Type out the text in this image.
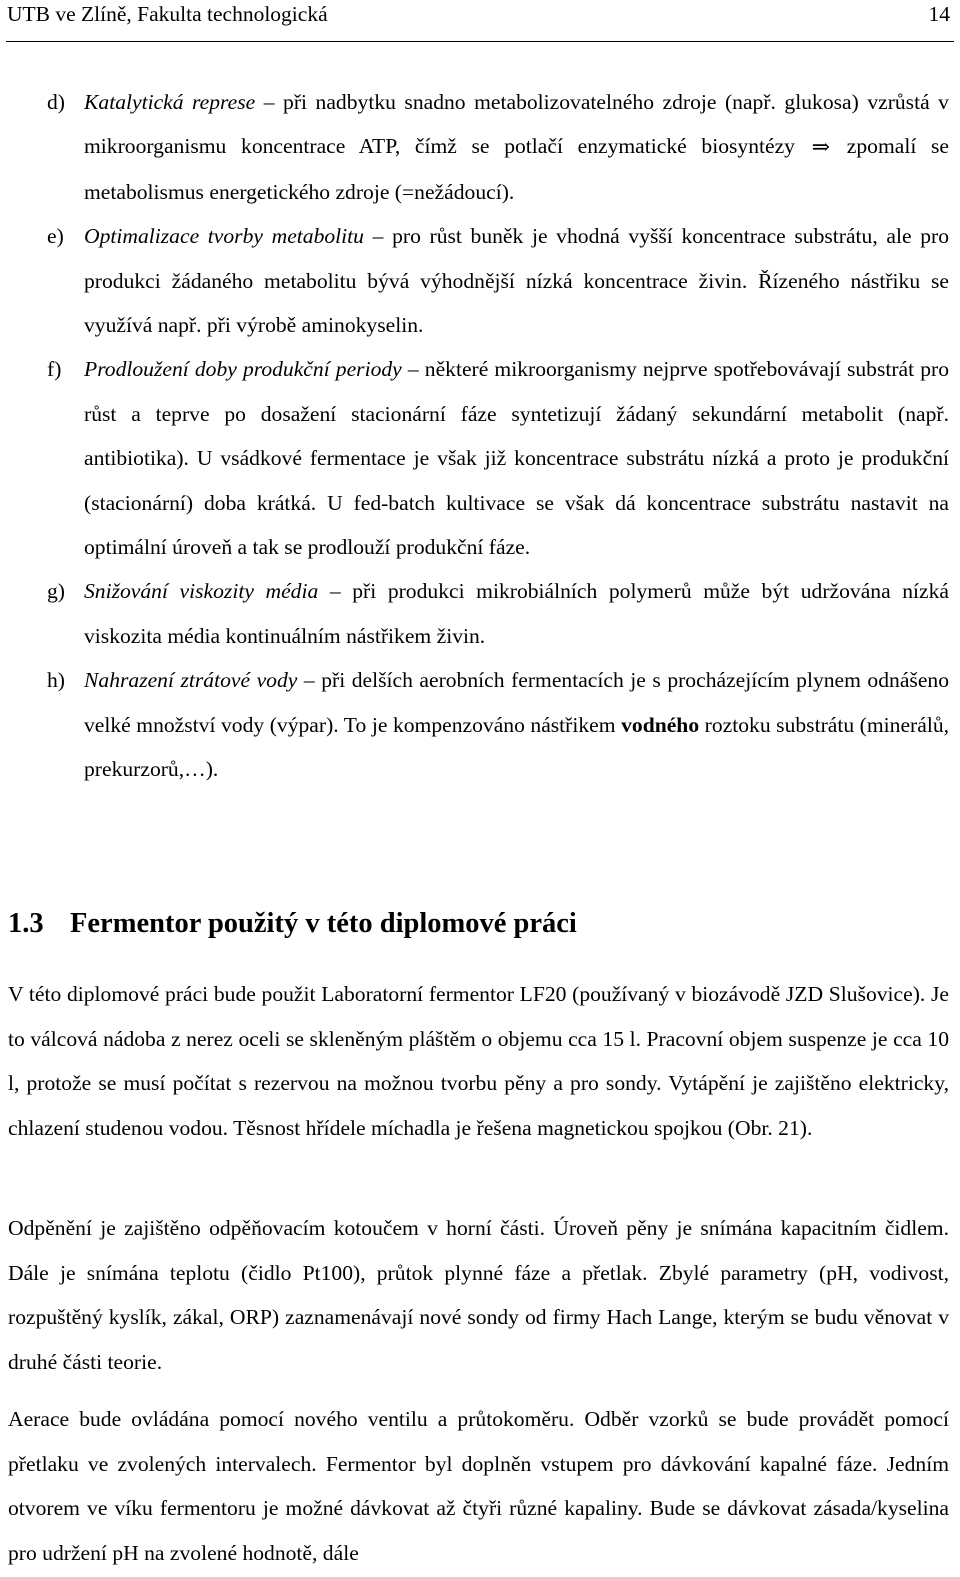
UTB ve Zlíně, Fakulta technologická	14
d) Katalytická represe – při nadbytku snadno metabolizovatelného zdroje (např. glukosa) vzrůstá v mikroorganismu koncentrace ATP, čímž se potlačí enzymatické biosyntézy ⇒ zpomalí se metabolismus energetického zdroje (=nežádoucí).
e) Optimalizace tvorby metabolitu – pro růst buněk je vhodná vyšší koncentrace substrátu, ale pro produkci žádaného metabolitu bývá výhodnější nízká koncentrace živin. Řízeného nástřiku se využívá např. při výrobě aminokyselin.
f) Prodloužení doby produkční periody – některé mikroorganismy nejprve spotřebovávají substrát pro růst a teprve po dosažení stacionární fáze syntetizují žádaný sekundární metabolit (např. antibiotika). U vsádkové fermentace je však již koncentrace substrátu nízká a proto je produkční (stacionární) doba krátká. U fed-batch kultivace se však dá koncentrace substrátu nastavit na optimální úroveň a tak se prodlouží produkční fáze.
g) Snižování viskozity média – při produkci mikrobiálních polymerů může být udržována nízká viskozita média kontinuálním nástřikem živin.
h) Nahrazení ztrátové vody – při delších aerobních fermentacích je s procházejícím plynem odnášeno velké množství vody (výpar). To je kompenzováno nástřikem vodného roztoku substrátu (minerálů, prekurzorů,…).
1.3 Fermentor použitý v této diplomové práci
V této diplomové práci bude použit Laboratorní fermentor LF20 (používaný v biozávodě JZD Slušovice). Je to válcová nádoba z nerez oceli se skleněným pláštěm o objemu cca 15 l. Pracovní objem suspenze je cca 10 l, protože se musí počítat s rezervou na možnou tvorbu pěny a pro sondy. Vytápění je zajištěno elektricky, chlazení studenou vodou. Těsnost hřídele míchadla je řešena magnetickou spojkou (Obr. 21).
Odpěnění je zajištěno odpěňovacím kotoučem v horní části. Úroveň pěny je snímána kapacitním čidlem. Dále je snímána teplotu (čidlo Pt100), průtok plynné fáze a přetlak. Zbylé parametry (pH, vodivost, rozpuštěný kyslík, zákal, ORP) zaznamenávají nové sondy od firmy Hach Lange, kterým se budu věnovat v druhé části teorie.
Aerace bude ovládána pomocí nového ventilu a průtokoměru. Odběr vzorků se bude provádět pomocí přetlaku ve zvolených intervalech. Fermentor byl doplněn vstupem pro dávkování kapalné fáze. Jedním otvorem ve víku fermentoru je možné dávkovat až čtyři různé kapaliny. Bude se dávkovat zásada/kyselina pro udržení pH na zvolené hodnotě, dále
